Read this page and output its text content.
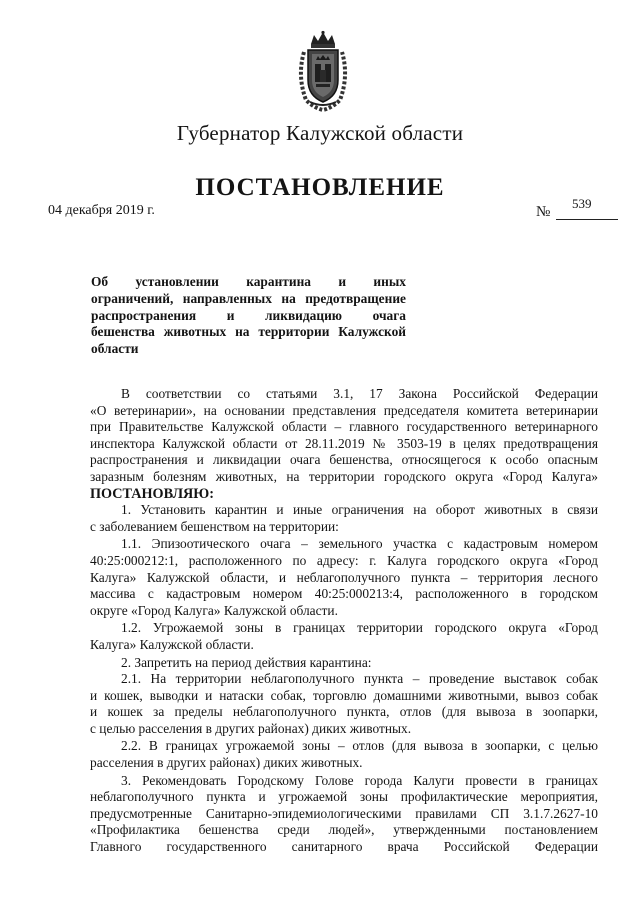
Губернатор Калужской области
ПОСТАНОВЛЕНИЕ
04 декабря 2019 г.	№
539
Об установлении карантина и иных
ограничений, направленных на предотвращение
распространения и ликвидацию очага
бешенства животных на территории Калужской
области

В соответствии со статьями 3.1, 17 Закона Российской Федерации

«О ветеринарии», на основании представления председателя комитета ветеринарии

при Правительстве Калужской области – главного государственного ветеринарного

инспектора Калужской области от 28.11.2019 № 3503-19 в целях предотвращения

распространения и ликвидации очага бешенства, относящегося к особо опасным

заразным болезням животных, на территории городского округа «Город Калуга»

ПОСТАНОВЛЯЮ:

1. Установить карантин и иные ограничения на оборот животных в связи

с заболеванием бешенством на территории:

1.1. Эпизоотического очага – земельного участка с кадастровым номером

40:25:000212:1, расположенного по адресу: г. Калуга городского округа «Город

Калуга» Калужской области, и неблагополучного пункта – территория лесного

массива с кадастровым номером 40:25:000213:4, расположенного в городском

округе «Город Калуга» Калужской области.

1.2. Угрожаемой зоны в границах территории городского округа «Город

Калуга» Калужской области.

2. Запретить на период действия карантина:

2.1. На территории неблагополучного пункта – проведение выставок собак

и кошек, выводки и натаски собак, торговлю домашними животными, вывоз собак

и кошек за пределы неблагополучного пункта, отлов (для вывоза в зоопарки,

с целью расселения в других районах) диких животных.

2.2. В границах угрожаемой зоны – отлов (для вывоза в зоопарки, с целью

расселения в других районах) диких животных.

3. Рекомендовать Городскому Голове города Калуги провести в границах

неблагополучного пункта и угрожаемой зоны профилактические мероприятия,

предусмотренные Санитарно-эпидемиологическими правилами СП 3.1.7.2627-10

«Профилактика бешенства среди людей», утвержденными постановлением

Главного государственного санитарного врача Российской Федерации
